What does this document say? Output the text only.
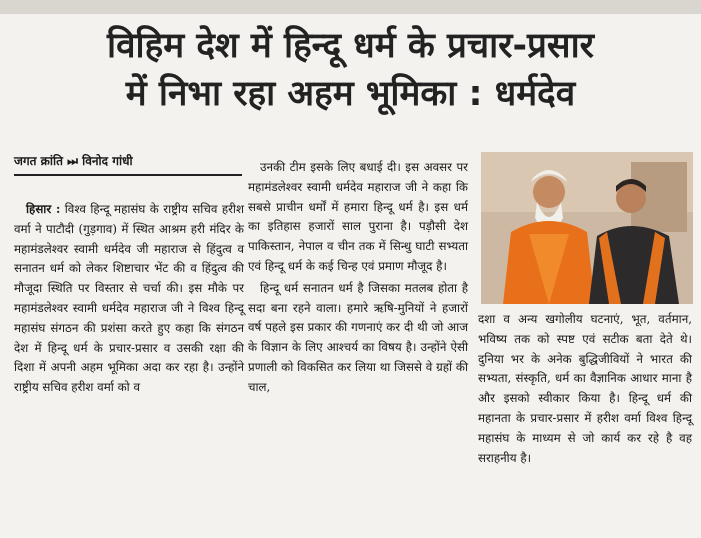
विहिम देश में हिन्दू धर्म के प्रचार-प्रसार
में निभा रहा अहम भूमिका : धर्मदेव
जगत क्रांति ⏭ विनोद गांधी

हिसार : विश्व हिन्दू महासंघ के राष्ट्रीय सचिव हरीश वर्मा ने पाटौदी (गुड़गाव) में स्थित आश्रम हरी मंदिर के महामंडलेश्वर स्वामी धर्मदेव जी महाराज से हिंदुत्व व सनातन धर्म को लेकर शिष्टाचार भेंट की व हिंदुत्व की मौजूदा स्थिति पर विस्तार से चर्चा की। इस मौके पर महामंडलेश्वर स्वामी धर्मदेव महाराज जी ने विश्व हिन्दू महासंघ संगठन की प्रशंसा करते हुए कहा कि संगठन देश में हिन्दू धर्म के प्रचार-प्रसार व उसकी रक्षा की दिशा में अपनी अहम भूमिका अदा कर रहा है। उन्होंने राष्ट्रीय सचिव हरीश वर्मा को व

उनकी टीम इसके लिए बधाई दी। इस अवसर पर महामंडलेश्वर स्वामी धर्मदेव महाराज जी ने कहा कि सबसे प्राचीन धर्मों में हमारा हिन्दू धर्म है। इस धर्म का इतिहास हजारों साल पुराना है। पड़ौसी देश पाकिस्तान, नेपाल व चीन तक में सिन्धु घाटी सभ्यता एवं हिन्दू धर्म के कई चिन्ह एवं प्रमाण मौजूद है।

हिन्दू धर्म सनातन धर्म है जिसका मतलब होता है सदा बना रहने वाला। हमारे ऋषि-मुनियों ने हजारों वर्ष पहले इस प्रकार की गणनाएं कर दी थी जो आज के विज्ञान के लिए आश्चर्य का विषय है। उन्होंने ऐसी प्रणाली को विकसित कर लिया था जिससे वे ग्रहों की चाल,

दशा व अन्य खगोलीय घटनाएं, भूत, वर्तमान, भविष्य तक को स्पष्ट एवं सटीक बता देते थे। दुनिया भर के अनेक बुद्धिजीवियों ने भारत की सभ्यता, संस्कृति, धर्म का वैज्ञानिक आधार माना है और इसको स्वीकार किया है। हिन्दू धर्म की महानता के प्रचार-प्रसार में हरीश वर्मा विश्व हिन्दू महासंघ के माध्यम से जो कार्य कर रहे है वह सराहनीय है।
